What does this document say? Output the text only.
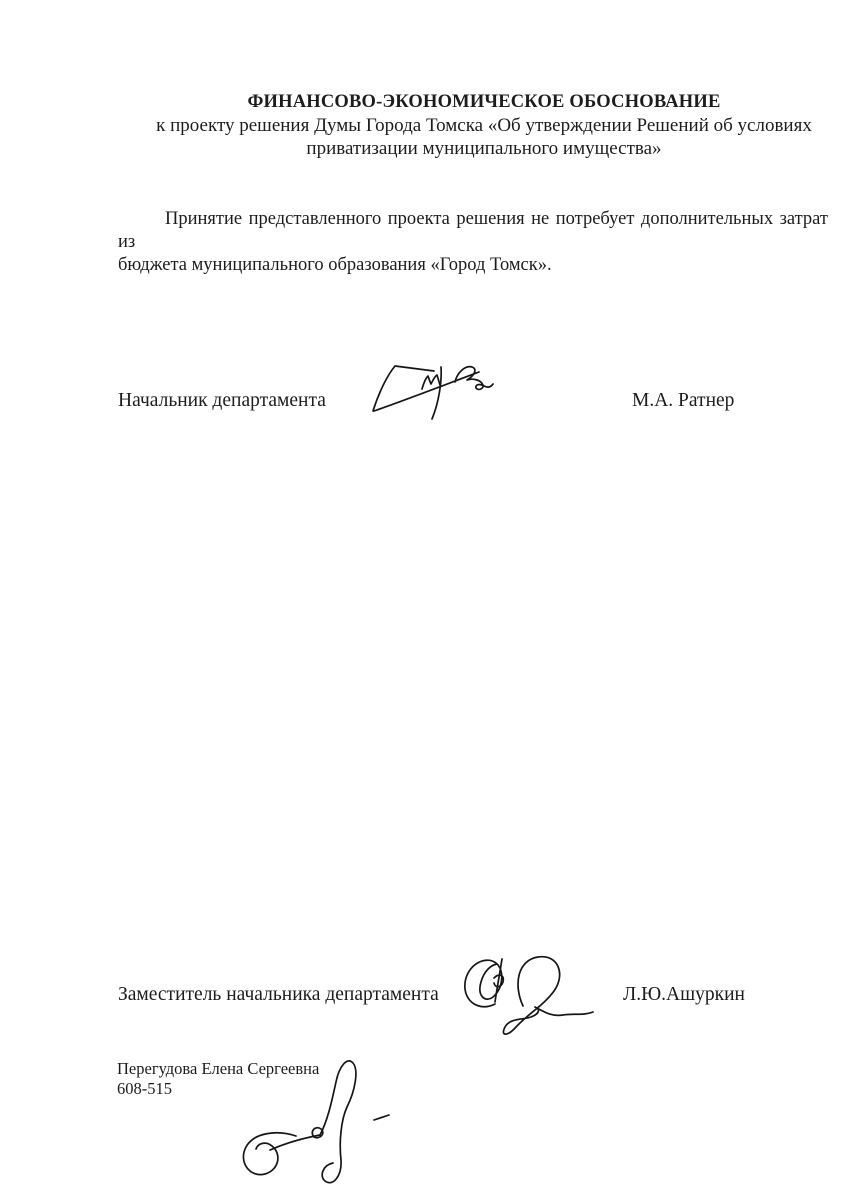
ФИНАНСОВО-ЭКОНОМИЧЕСКОЕ ОБОСНОВАНИЕ
к проекту решения Думы Города Томска «Об утверждении Решений об условиях
приватизации муниципального имущества»
Принятие представленного проекта решения не потребует дополнительных затрат из
бюджета муниципального образования «Город Томск».
Начальник департамента	М.А. Ратнер
Заместитель начальника департамента	Л.Ю.Ашуркин
Перегудова Елена Сергеевна
608-515
